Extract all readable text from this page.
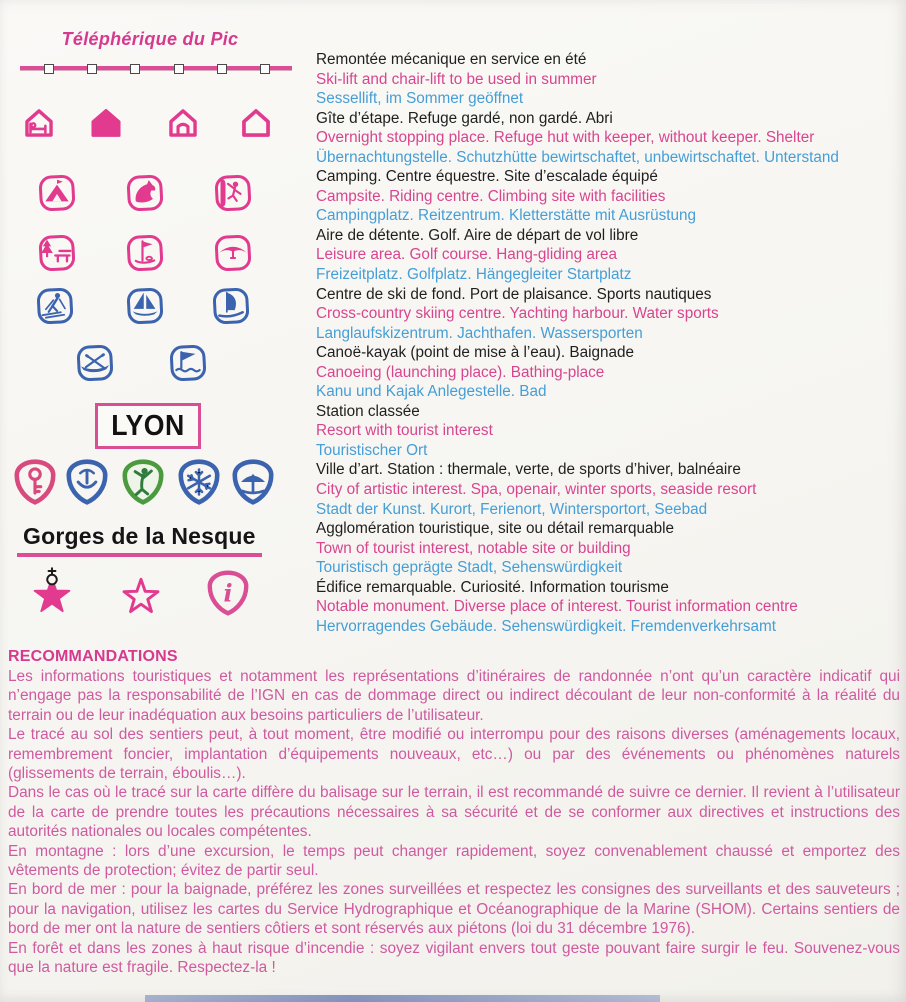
Téléphérique du Pic
LYON
Gorges de la Nesque
i

Remontée mécanique en service en été

Ski-lift and chair-lift to be used in summer

Sessellift, im Sommer geöffnet

Gîte d’étape. Refuge gardé, non gardé. Abri

Overnight stopping place. Refuge hut with keeper, without keeper. Shelter

Übernachtungstelle. Schutzhütte bewirtschaftet, unbewirtschaftet. Unterstand

Camping. Centre équestre. Site d’escalade équipé

Campsite. Riding centre. Climbing site with facilities

Campingplatz. Reitzentrum. Kletterstätte mit Ausrüstung

Aire de détente. Golf. Aire de départ de vol libre

Leisure area. Golf course. Hang-gliding area

Freizeitplatz. Golfplatz. Hängegleiter Startplatz

Centre de ski de fond. Port de plaisance. Sports nautiques

Cross-country skiing centre. Yachting harbour. Water sports

Langlaufskizentrum. Jachthafen. Wassersporten

Canoë-kayak (point de mise à l’eau). Baignade

Canoeing (launching place). Bathing-place

Kanu und Kajak Anlegestelle. Bad

Station classée

Resort with tourist interest

Touristischer Ort

Ville d’art. Station : thermale, verte, de sports d’hiver, balnéaire

City of artistic interest. Spa, openair, winter sports, seaside resort

Stadt der Kunst. Kurort, Ferienort, Wintersportort, Seebad

Agglomération touristique, site ou détail remarquable

Town of tourist interest, notable site or building

Touristisch geprägte Stadt, Sehenswürdigkeit

Édifice remarquable. Curiosité. Information tourisme

Notable monument. Diverse place of interest. Tourist information centre

Hervorragendes Gebäude. Sehenswürdigkeit. Fremdenverkehrsamt

RECOMMANDATIONS

Les informations touristiques et notamment les représentations d’itinéraires de randonnée n’ont qu’un caractère indicatif qui n’engage pas la responsabilité de l’IGN en cas de dommage direct ou indirect découlant de leur non-conformité à la réalité du terrain ou de leur inadéquation aux besoins particuliers de l’utilisateur.

Le tracé au sol des sentiers peut, à tout moment, être modifié ou interrompu pour des raisons diverses (aménagements locaux, remembrement foncier, implantation d’équipements nouveaux, etc…) ou par des événements ou phénomènes naturels (glissements de terrain, éboulis…).

Dans le cas où le tracé sur la carte diffère du balisage sur le terrain, il est recommandé de suivre ce dernier. Il revient à l’utilisateur de la carte de prendre toutes les précautions nécessaires à sa sécurité et de se conformer aux directives et instructions des autorités nationales ou locales compétentes.

En montagne : lors d’une excursion, le temps peut changer rapidement, soyez convenablement chaussé et emportez des vêtements de protection; évitez de partir seul.

En bord de mer : pour la baignade, préférez les zones surveillées et respectez les consignes des surveillants et des sauveteurs ; pour la navigation, utilisez les cartes du Service Hydrographique et Océanographique de la Marine (SHOM). Certains sentiers de bord de mer ont la nature de sentiers côtiers et sont réservés aux piétons (loi du 31 décembre 1976).

En forêt et dans les zones à haut risque d’incendie : soyez vigilant envers tout geste pouvant faire surgir le feu. Souvenez-vous que la nature est fragile. Respectez-la !
